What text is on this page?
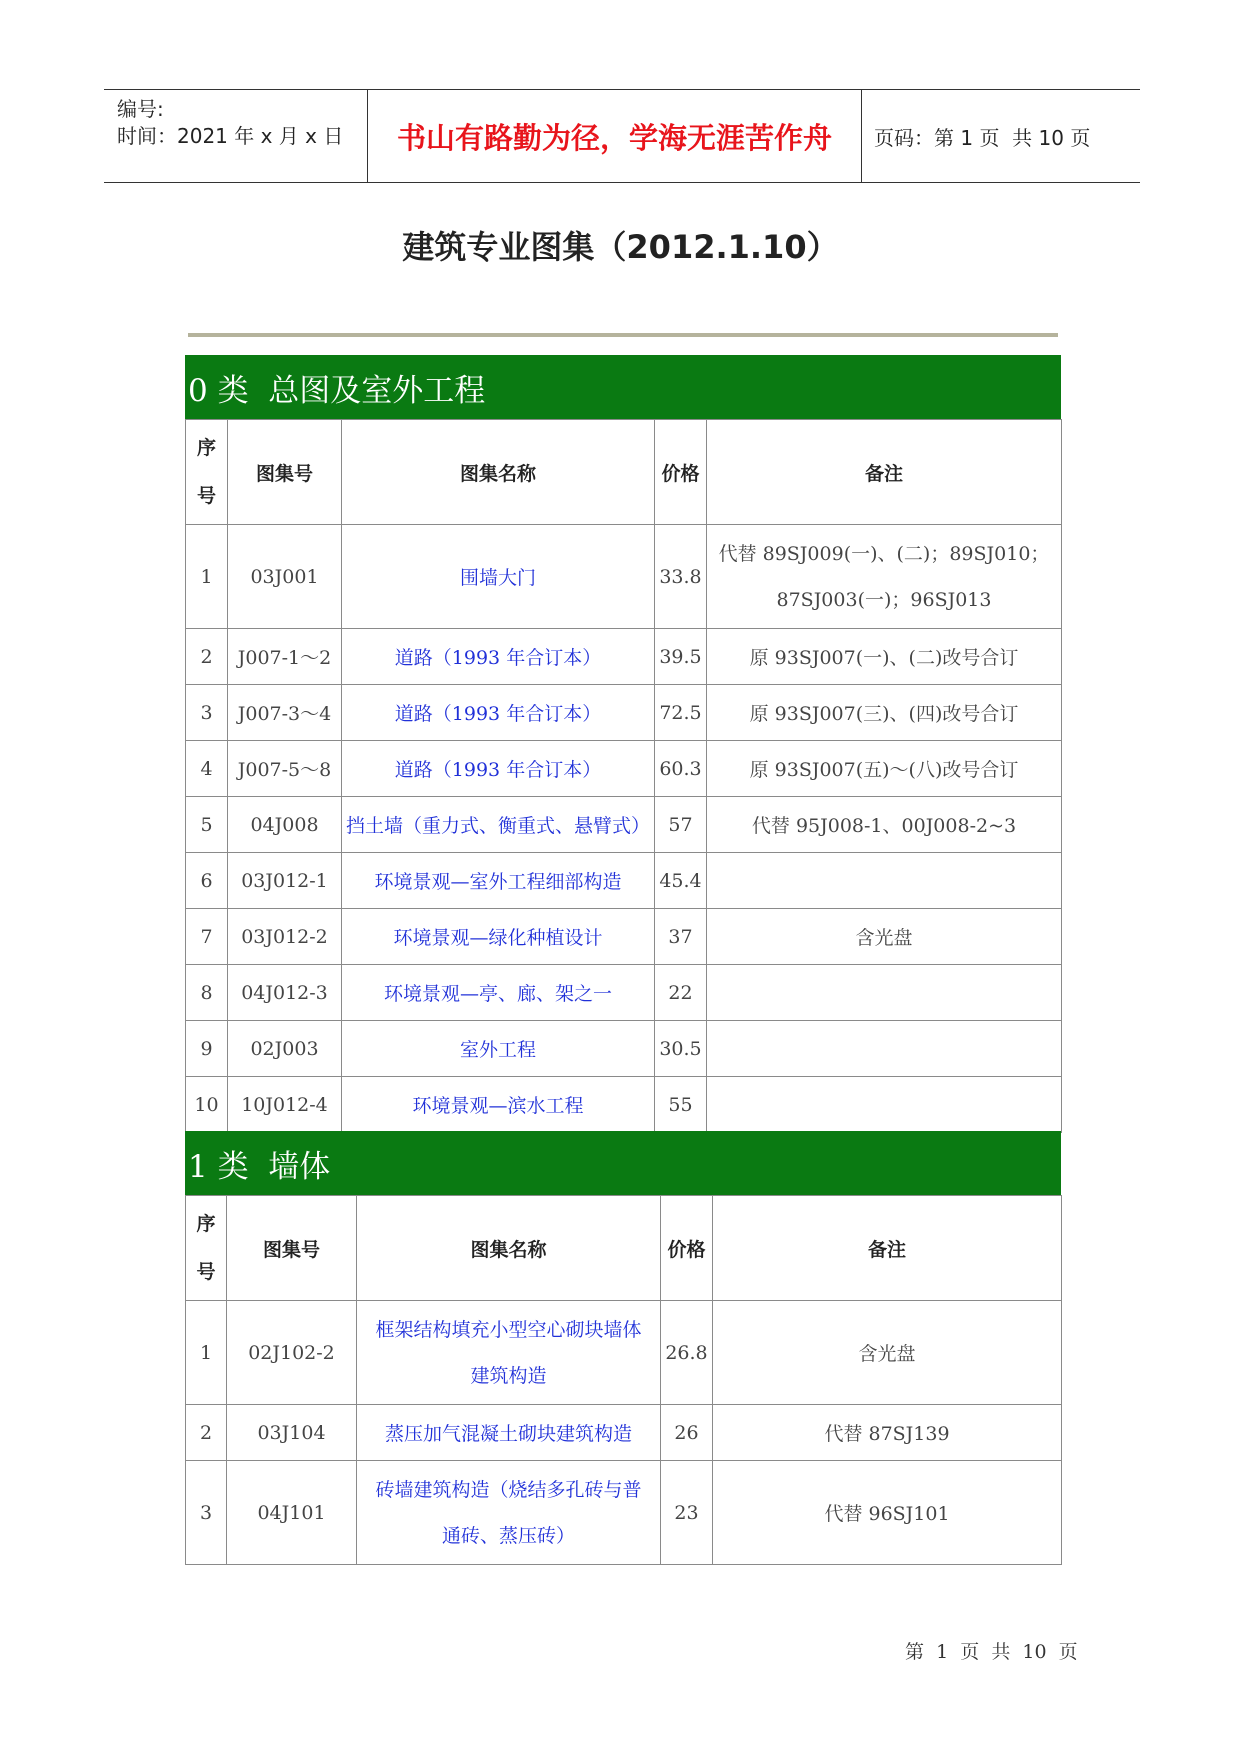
编号:
时间：2021 年 x 月 x 日	书山有路勤为径，学海无涯苦作舟	页码：第 1 页  共 10 页
建筑专业图集（2012.1.10）
0 类  总图及室外工程
序
号	图集号	图集名称	价格	备注
1	03J001	围墙大门	33.8	代替 89SJ009(一)、(二)；89SJ010；
87SJ003(一)；96SJ013
2	J007-1～2	道路（1993 年合订本）	39.5	原 93SJ007(一)、(二)改号合订
3	J007-3～4	道路（1993 年合订本）	72.5	原 93SJ007(三)、(四)改号合订
4	J007-5～8	道路（1993 年合订本）	60.3	原 93SJ007(五)～(八)改号合订
5	04J008	挡土墙（重力式、衡重式、悬臂式）	57	代替 95J008-1、00J008-2~3
6	03J012-1	环境景观—室外工程细部构造	45.4	
7	03J012-2	环境景观—绿化种植设计	37	含光盘
8	04J012-3	环境景观—亭、廊、架之一	22	
9	02J003	室外工程	30.5	
10	10J012-4	环境景观—滨水工程	55	
1 类  墙体
序
号	图集号	图集名称	价格	备注
1	02J102-2	框架结构填充小型空心砌块墙体
建筑构造	26.8	含光盘
2	03J104	蒸压加气混凝土砌块建筑构造	26	代替 87SJ139
3	04J101	砖墙建筑构造（烧结多孔砖与普
通砖、蒸压砖）	23	代替 96SJ101
第  1  页  共  10  页
